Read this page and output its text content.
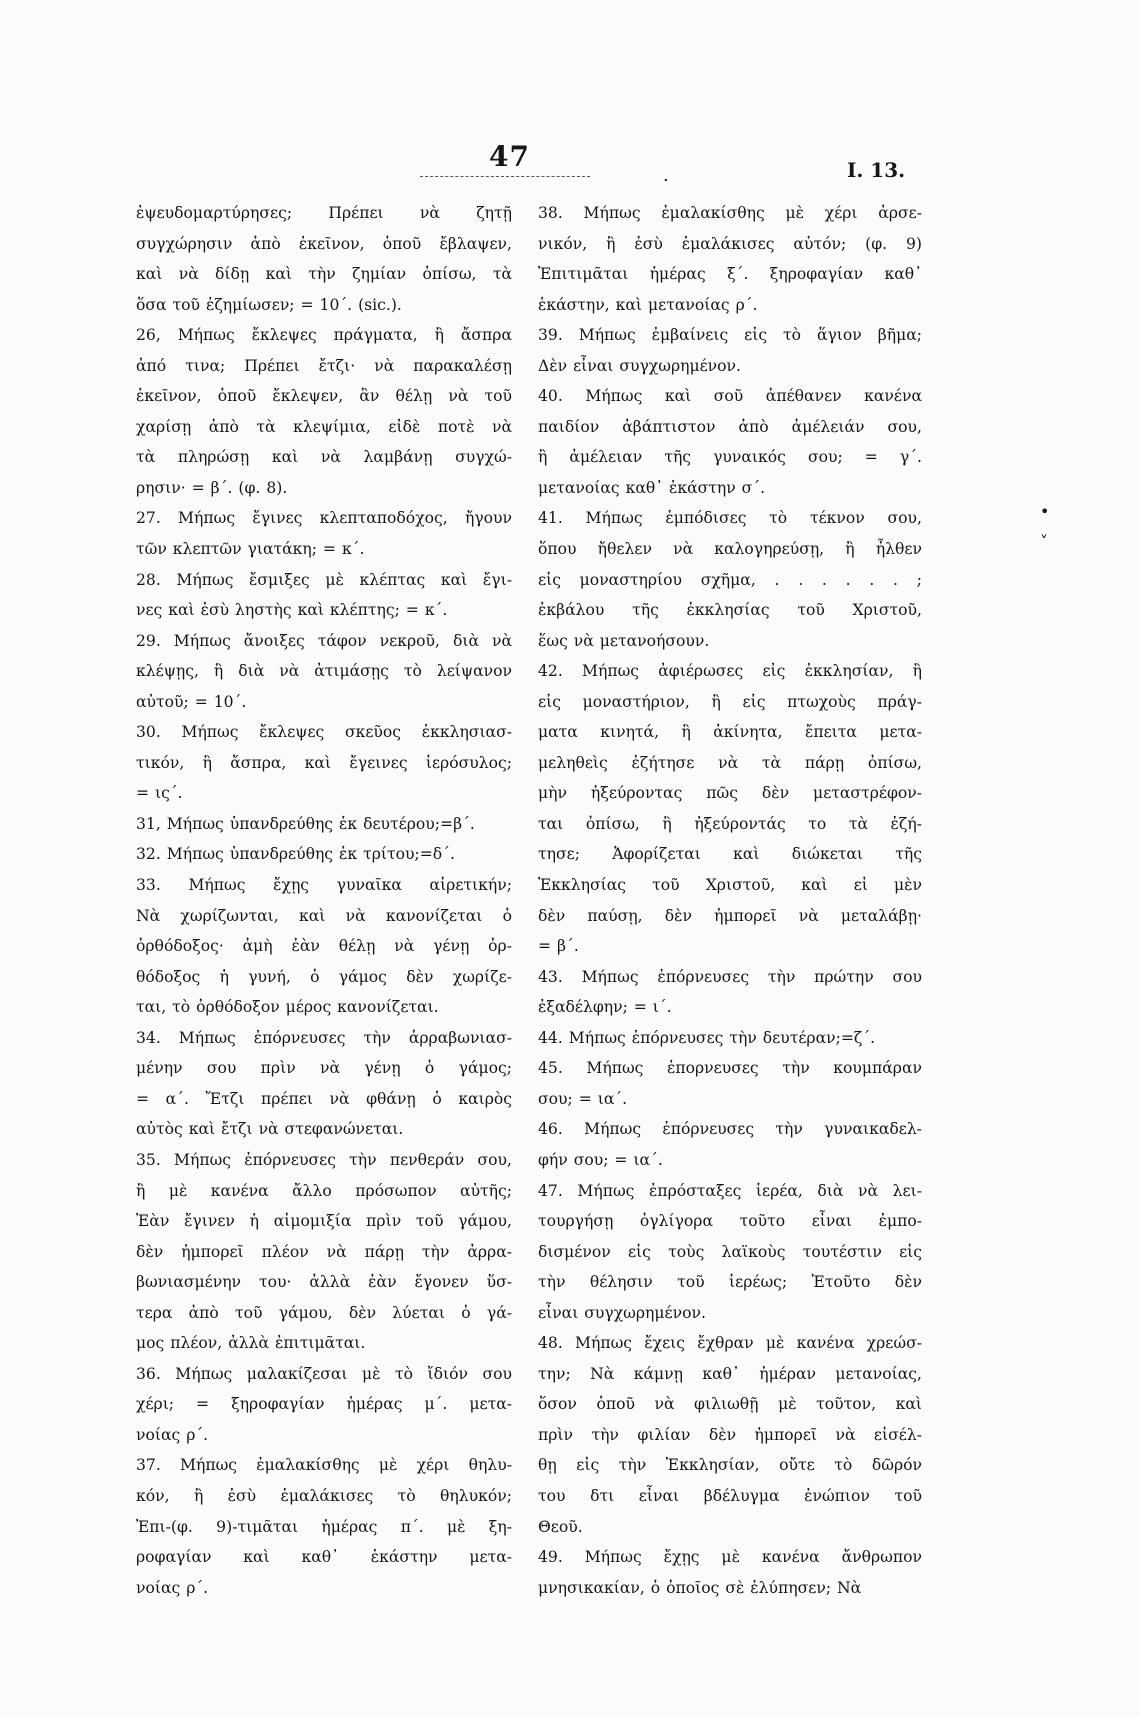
47
.	I. 13.
ἐψευδομαρτύρησες; Πρέπει νὰ ζητῇ
συγχώρησιν ἀπὸ ἐκεῖνον, ὁποῦ ἔβλαψεν,
καὶ νὰ δίδῃ καὶ τὴν ζημίαν ὀπίσω, τὰ
ὅσα τοῦ ἐζημίωσεν; = 10΄. (sic.).
26, Μήπως ἔκλεψες πράγματα, ἢ ἄσπρα
ἀπό τινα; Πρέπει ἔτζι· νὰ παρακαλέσῃ
ἐκεῖνον, ὁποῦ ἔκλεψεν, ἂν θέλῃ νὰ τοῦ
χαρίσῃ ἀπὸ τὰ κλεψίμια, εἰδὲ ποτὲ νὰ
τὰ πληρώσῃ καὶ νὰ λαμβάνῃ συγχώ-
ρησιν· = β΄. (φ. 8).
27. Μήπως ἔγινες κλεπταποδόχος, ἤγουν
τῶν κλεπτῶν γιατάκη; = κ΄.
28. Μήπως ἔσμιξες μὲ κλέπτας καὶ ἔγι-
νες καὶ ἐσὺ ληστὴς καὶ κλέπτης; = κ΄.
29. Μήπως ἄνοιξες τάφον νεκροῦ, διὰ νὰ
κλέψῃς, ἢ διὰ νὰ ἀτιμάσῃς τὸ λείψανον
αὐτοῦ; = 10΄.
30. Μήπως ἔκλεψες σκεῦος ἐκκλησιασ-
τικόν, ἢ ἄσπρα, καὶ ἔγεινες ἱερόσυλος;
= ις΄.
31, Μήπως ὑπανδρεύθης ἐκ δευτέρου;=β΄.
32. Μήπως ὑπανδρεύθης ἐκ τρίτου;=δ΄.
33. Μήπως ἔχῃς γυναῖκα αἱρετικήν;
Νὰ χωρίζωνται, καὶ νὰ κανονίζεται ὁ
ὀρθόδοξος· ἀμὴ ἐὰν θέλῃ νὰ γένῃ ὀρ-
θόδοξος ἡ γυνή, ὁ γάμος δὲν χωρίζε-
ται, τὸ ὀρθόδοξον μέρος κανονίζεται.
34. Μήπως ἐπόρνευσες τὴν ἀρραβωνιασ-
μένην σου πρὶν νὰ γένῃ ὁ γάμος;
= α΄. Ἔτζι πρέπει νὰ φθάνῃ ὁ καιρὸς
αὐτὸς καὶ ἔτζι νὰ στεφανώνεται.
35. Μήπως ἐπόρνευσες τὴν πενθεράν σου,
ἢ μὲ κανένα ἄλλο πρόσωπον αὐτῆς;
Ἐὰν ἔγινεν ἡ αἱμομιξία πρὶν τοῦ γάμου,
δὲν ἠμπορεῖ πλέον νὰ πάρῃ τὴν ἀρρα-
βωνιασμένην του· ἀλλὰ ἐὰν ἔγονεν ὕσ-
τερα ἀπὸ τοῦ γάμου, δὲν λύεται ὁ γά-
μος πλέον, ἀλλὰ ἐπιτιμᾶται.
36. Μήπως μαλακίζεσαι μὲ τὸ ἴδιόν σου
χέρι; = ξηροφαγίαν ἡμέρας μ΄. μετα-
νοίας ρ΄.
37. Μήπως ἐμαλακίσθης μὲ χέρι θηλυ-
κόν, ἢ ἐσὺ ἐμαλάκισες τὸ θηλυκόν;
Ἐπι-(φ. 9)-τιμᾶται ἡμέρας π΄. μὲ ξη-
ροφαγίαν καὶ καθ᾿ ἑκάστην μετα-
νοίας ρ΄.
38. Μήπως ἐμαλακίσθης μὲ χέρι ἀρσε-
νικόν, ἢ ἐσὺ ἐμαλάκισες αὐτόν; (φ. 9)
Ἐπιτιμᾶται ἡμέρας ξ΄. ξηροφαγίαν καθ᾿
ἑκάστην, καὶ μετανοίας ρ΄.
39. Μήπως ἐμβαίνεις εἰς τὸ ἅγιον βῆμα;
Δὲν εἶναι συγχωρημένον.
40. Μήπως καὶ σοῦ ἀπέθανεν κανένα
παιδίον ἀβάπτιστον ἀπὸ ἀμέλειάν σου,
ἢ ἀμέλειαν τῆς γυναικός σου; = γ΄.
μετανοίας καθ᾿ ἑκάστην σ΄.
41. Μήπως ἐμπόδισες τὸ τέκνον σου,
ὅπου ἤθελεν νὰ καλογηρεύσῃ, ἢ ἦλθεν
εἰς μοναστηρίου σχῆμα, . . . . . . ;
ἐκβάλου τῆς ἐκκλησίας τοῦ Χριστοῦ,
ἕως νὰ μετανοήσουν.
42. Μήπως ἀφιέρωσες εἰς ἐκκλησίαν, ἢ
εἰς μοναστήριον, ἢ εἰς πτωχοὺς πράγ-
ματα κινητά, ἢ ἀκίνητα, ἔπειτα μετα-
μεληθεὶς ἐζήτησε νὰ τὰ πάρῃ ὀπίσω,
μὴν ἠξεύροντας πῶς δὲν μεταστρέφον-
ται ὀπίσω, ἢ ἠξεύροντάς το τὰ ἐζή-
τησε; Ἀφορίζεται καὶ διώκεται τῆς
Ἐκκλησίας τοῦ Χριστοῦ, καὶ εἰ μὲν
δὲν παύσῃ, δὲν ἠμπορεῖ νὰ μεταλάβῃ·
= β΄.
43. Μήπως ἐπόρνευσες τὴν πρώτην σου
ἐξαδέλφην; = ι΄.
44. Μήπως ἐπόρνευσες τὴν δευτέραν;=ζ΄.
45. Μήπως ἐπορνευσες τὴν κουμπάραν
σου; = ια΄.
46. Μήπως ἐπόρνευσες τὴν γυναικαδελ-
φήν σου; = ια΄.
47. Μήπως ἐπρόσταξες ἱερέα, διὰ νὰ λει-
τουργήσῃ ὀγλίγορα τοῦτο εἶναι ἐμπο-
δισμένον εἰς τοὺς λαϊκοὺς τουτέστιν εἰς
τὴν θέλησιν τοῦ ἱερέως; Ἐτοῦτο δὲν
εἶναι συγχωρημένον.
48. Μήπως ἔχεις ἔχθραν μὲ κανένα χρεώσ-
την; Νὰ κάμνῃ καθ᾿ ἡμέραν μετανοίας,
ὅσον ὁποῦ νὰ φιλιωθῇ μὲ τοῦτον, καὶ
πρὶν τὴν φιλίαν δὲν ἠμπορεῖ νὰ εἰσέλ-
θῃ εἰς τὴν Ἐκκλησίαν, οὔτε τὸ δῶρόν
του δτι εἶναι βδέλυγμα ἐνώπιον τοῦ
Θεοῦ.
49. Μήπως ἔχῃς μὲ κανένα ἄνθρωπον
μνησικακίαν, ὁ ὁποῖος σὲ ἐλύπησεν; Νὰ
•
˅
